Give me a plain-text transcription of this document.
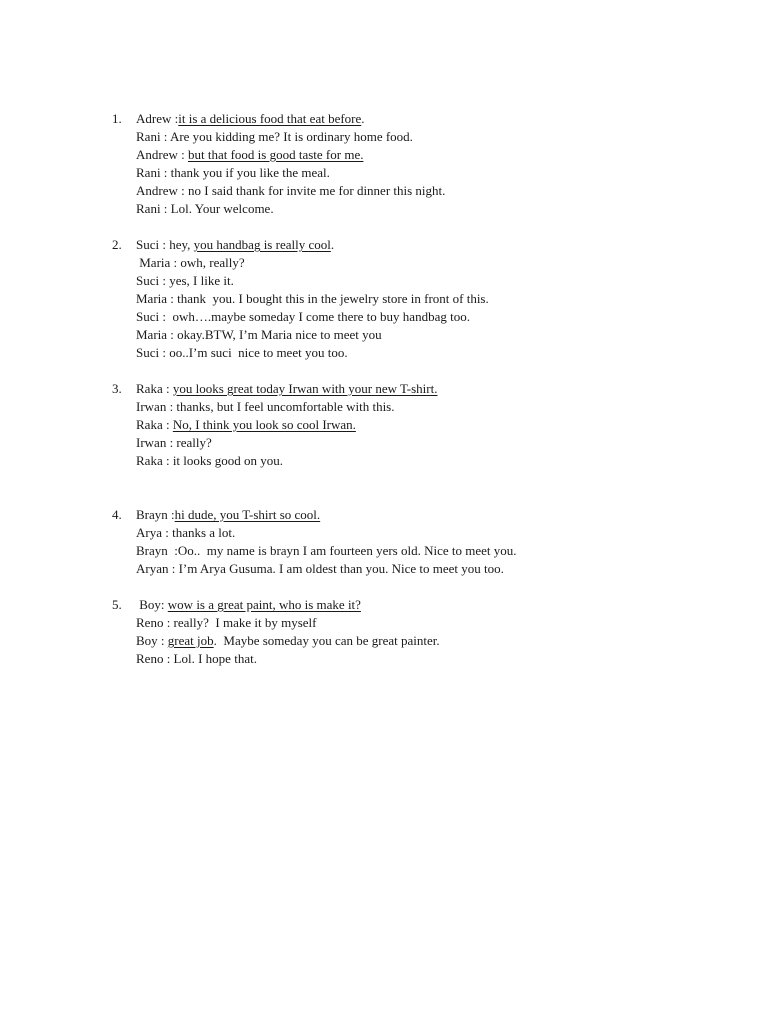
1. Adrew :it is a delicious food that eat before.
Rani : Are you kidding me? It is ordinary home food.
Andrew : but that food is good taste for me.
Rani : thank you if you like the meal.
Andrew : no I said thank for invite me for dinner this night.
Rani : Lol. Your welcome.
2. Suci : hey, you handbag is really cool.
Maria : owh, really?
Suci : yes, I like it.
Maria : thank  you. I bought this in the jewelry store in front of this.
Suci :  owh….maybe someday I come there to buy handbag too.
Maria : okay.BTW, I’m Maria nice to meet you
Suci : oo..I’m suci  nice to meet you too.
3. Raka : you looks great today Irwan with your new T-shirt.
Irwan : thanks, but I feel uncomfortable with this.
Raka : No, I think you look so cool Irwan.
Irwan : really?
Raka : it looks good on you.
4. Brayn :hi dude, you T-shirt so cool.
Arya : thanks a lot.
Brayn  :Oo..  my name is brayn I am fourteen yers old. Nice to meet you.
Aryan : I’m Arya Gusuma. I am oldest than you. Nice to meet you too.
5. Boy: wow is a great paint, who is make it?
Reno : really?  I make it by myself
Boy : great job.  Maybe someday you can be great painter.
Reno : Lol. I hope that.
